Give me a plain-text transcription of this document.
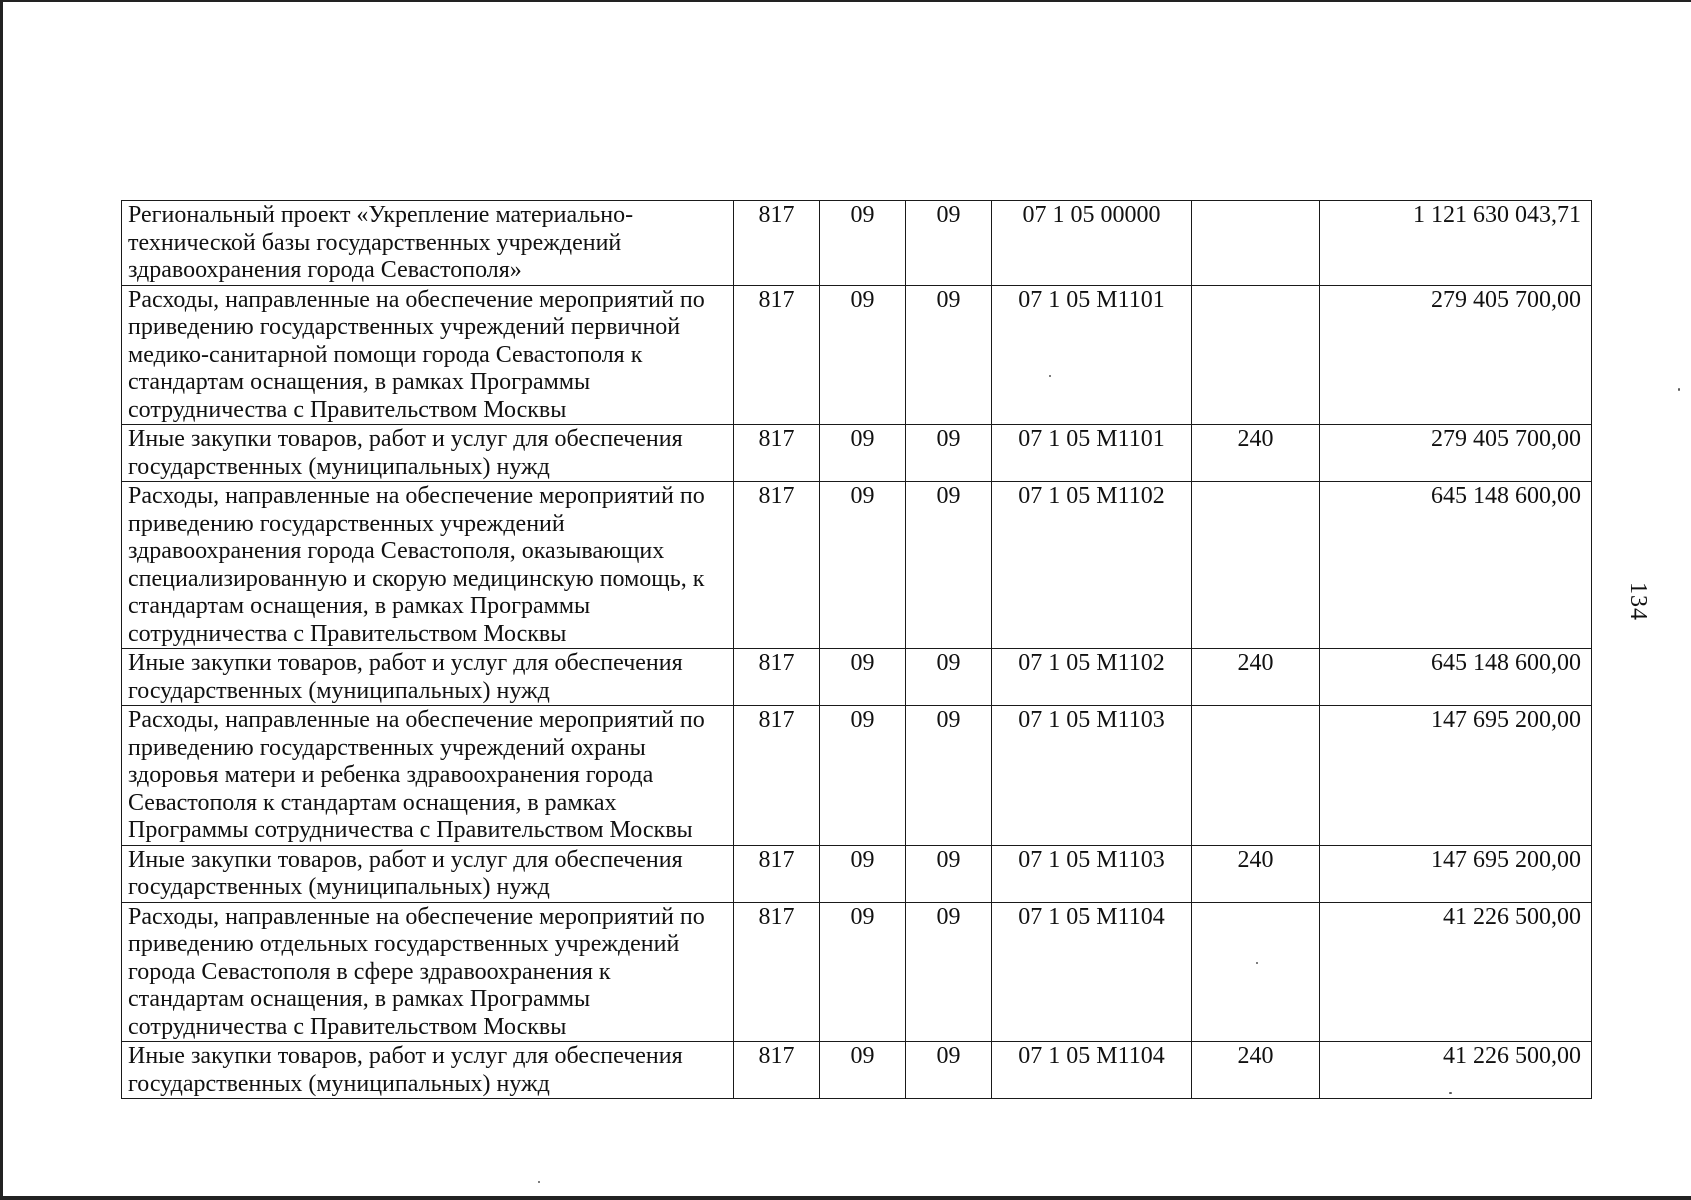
Региональный проект «Укрепление материально-технической базы государственных учреждений здравоохранения города Севастополя»	817	09	09	07 1 05 00000		1 121 630 043,71
Расходы, направленные на обеспечение мероприятий по приведению государственных учреждений первичной медико-санитарной помощи города Севастополя к стандартам оснащения, в рамках Программы сотрудничества с Правительством Москвы	817	09	09	07 1 05 М1101		279 405 700,00
Иные закупки товаров, работ и услуг для обеспечения государственных (муниципальных) нужд	817	09	09	07 1 05 М1101	240	279 405 700,00
Расходы, направленные на обеспечение мероприятий по приведению государственных учреждений здравоохранения города Севастополя, оказывающих специализированную и скорую медицинскую помощь, к стандартам оснащения, в рамках Программы сотрудничества с Правительством Москвы	817	09	09	07 1 05 М1102		645 148 600,00
Иные закупки товаров, работ и услуг для обеспечения государственных (муниципальных) нужд	817	09	09	07 1 05 М1102	240	645 148 600,00
Расходы, направленные на обеспечение мероприятий по приведению государственных учреждений охраны здоровья матери и ребенка здравоохранения города Севастополя к стандартам оснащения, в рамках Программы сотрудничества с Правительством Москвы	817	09	09	07 1 05 М1103		147 695 200,00
Иные закупки товаров, работ и услуг для обеспечения государственных (муниципальных) нужд	817	09	09	07 1 05 М1103	240	147 695 200,00
Расходы, направленные на обеспечение мероприятий по приведению отдельных государственных учреждений города Севастополя в сфере здравоохранения к стандартам оснащения, в рамках Программы сотрудничества с Правительством Москвы	817	09	09	07 1 05 М1104		41 226 500,00
Иные закупки товаров, работ и услуг для обеспечения государственных (муниципальных) нужд	817	09	09	07 1 05 М1104	240	41 226 500,00
134
